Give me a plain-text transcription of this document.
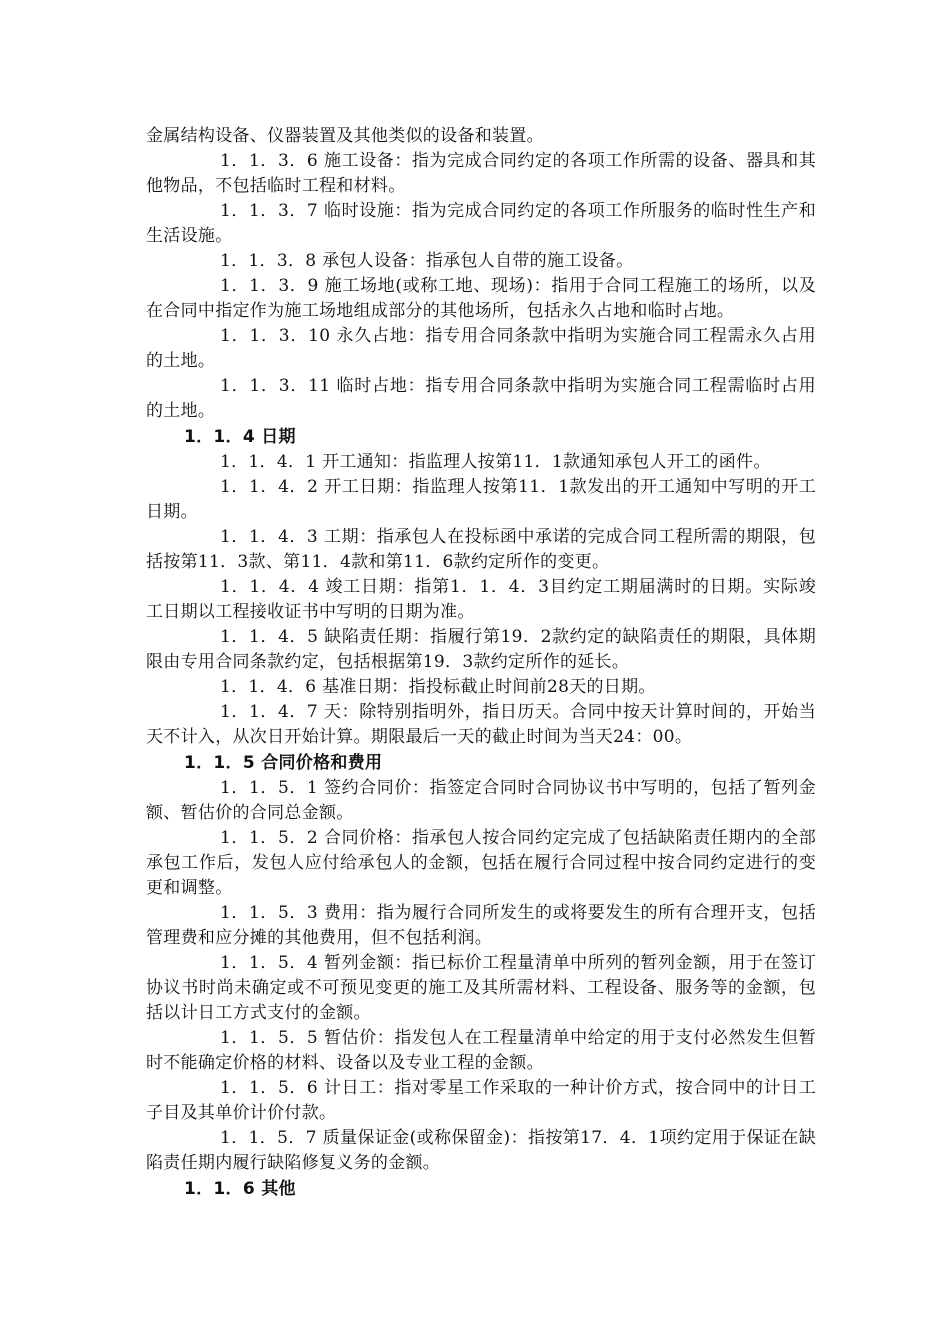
金属结构设备、仪器装置及其他类似的设备和装置。

1．1．3．6 施工设备：指为完成合同约定的各项工作所需的设备、器具和其他物品，不包括临时工程和材料。

1．1．3．7 临时设施：指为完成合同约定的各项工作所服务的临时性生产和生活设施。

1．1．3．8 承包人设备：指承包人自带的施工设备。

1．1．3．9 施工场地(或称工地、现场)：指用于合同工程施工的场所，以及在合同中指定作为施工场地组成部分的其他场所，包括永久占地和临时占地。

1．1．3．10 永久占地：指专用合同条款中指明为实施合同工程需永久占用的土地。

1．1．3．11 临时占地：指专用合同条款中指明为实施合同工程需临时占用的土地。

1．1．4 日期

1．1．4．1 开工通知：指监理人按第11．1款通知承包人开工的函件。

1．1．4．2 开工日期：指监理人按第11．1款发出的开工通知中写明的开工日期。

1．1．4．3 工期：指承包人在投标函中承诺的完成合同工程所需的期限，包括按第11．3款、第11．4款和第11．6款约定所作的变更。

1．1．4．4 竣工日期：指第1．1．4．3目约定工期届满时的日期。实际竣工日期以工程接收证书中写明的日期为准。

1．1．4．5 缺陷责任期：指履行第19．2款约定的缺陷责任的期限，具体期限由专用合同条款约定，包括根据第19．3款约定所作的延长。

1．1．4．6 基准日期：指投标截止时间前28天的日期。

1．1．4．7 天：除特别指明外，指日历天。合同中按天计算时间的，开始当天不计入，从次日开始计算。期限最后一天的截止时间为当天24：00。

1．1．5 合同价格和费用

1．1．5．1 签约合同价：指签定合同时合同协议书中写明的，包括了暂列金额、暂估价的合同总金额。

1．1．5．2 合同价格：指承包人按合同约定完成了包括缺陷责任期内的全部承包工作后，发包人应付给承包人的金额，包括在履行合同过程中按合同约定进行的变更和调整。

1．1．5．3 费用：指为履行合同所发生的或将要发生的所有合理开支，包括管理费和应分摊的其他费用，但不包括利润。

1．1．5．4 暂列金额：指已标价工程量清单中所列的暂列金额，用于在签订协议书时尚未确定或不可预见变更的施工及其所需材料、工程设备、服务等的金额，包括以计日工方式支付的金额。

1．1．5．5 暂估价：指发包人在工程量清单中给定的用于支付必然发生但暂时不能确定价格的材料、设备以及专业工程的金额。

1．1．5．6 计日工：指对零星工作采取的一种计价方式，按合同中的计日工子目及其单价计价付款。

1．1．5．7 质量保证金(或称保留金)：指按第17．4．1项约定用于保证在缺陷责任期内履行缺陷修复义务的金额。

1．1．6 其他
